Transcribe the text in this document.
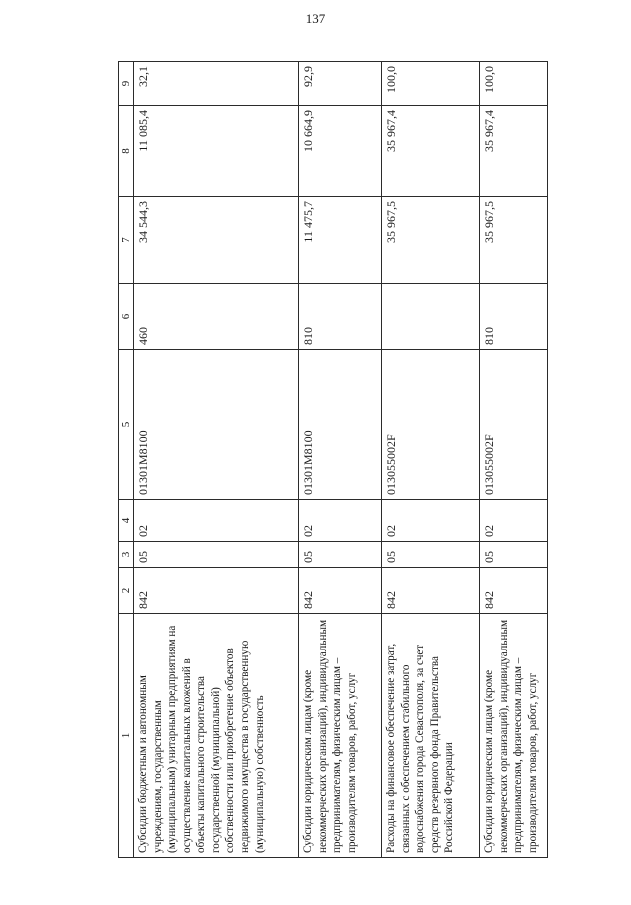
137
1	2	3	4	5	6	7	8	9
Субсидии бюджетным и автономным учреждениям, государственным (муниципальным) унитарным предприятиям на осуществление капитальных вложений в объекты капитального строительства государственной (муниципальной) собственности или приобретение объектов недвижимого имущества в государственную (муниципальную) собственность	842	05	02	01301M8100	460	34 544,3	11 085,4	32,1
Субсидии юридическим лицам (кроме некоммерческих организаций), индивидуальным предпринимателям, физическим лицам – производителям товаров, работ, услуг	842	05	02	01301M8100	810	11 475,7	10 664,9	92,9
Расходы на финансовое обеспечение затрат, связанных с обеспечением стабильного водоснабжения города Севастополя, за счет средств резервного фонда Правительства Российской Федерации	842	05	02	013055002F		35 967,5	35 967,4	100,0
Субсидии юридическим лицам (кроме некоммерческих организаций), индивидуальным предпринимателям, физическим лицам – производителям товаров, работ, услуг	842	05	02	013055002F	810	35 967,5	35 967,4	100,0
